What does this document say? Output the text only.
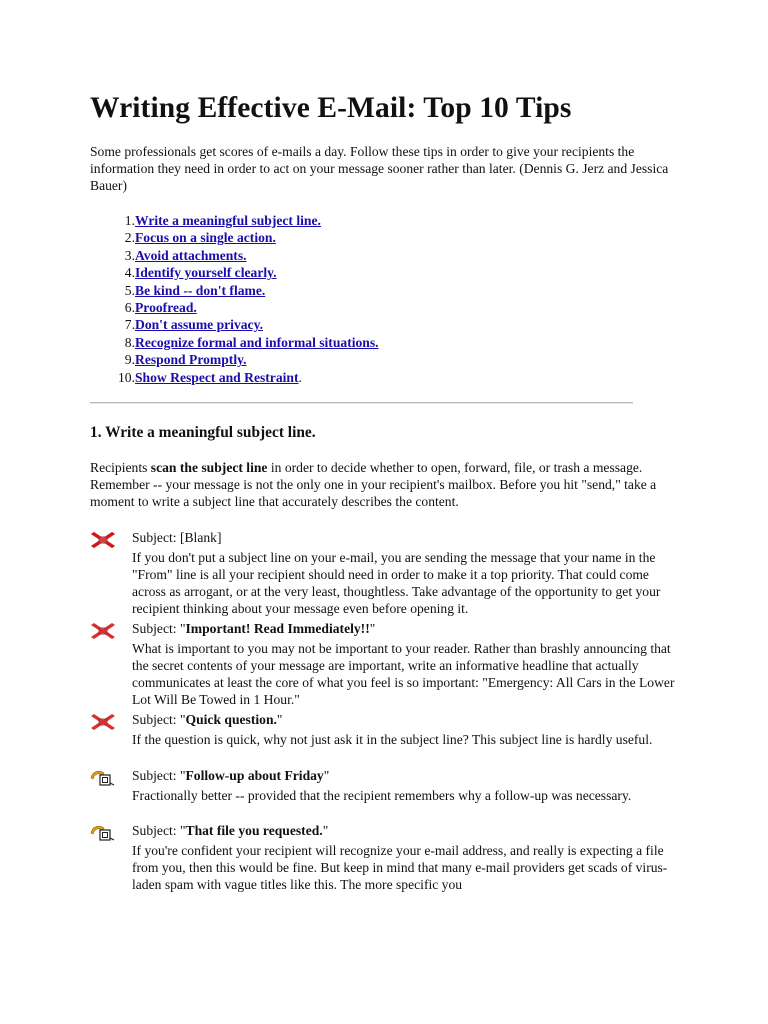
Writing Effective E-Mail: Top 10 Tips

Some professionals get scores of e-mails a day. Follow these tips in order to give your recipients the information they need in order to act on your message sooner rather than later. (Dennis G. Jerz and Jessica Bauer)

1. Write a meaningful subject line.
2. Focus on a single action.
3. Avoid attachments.
4. Identify yourself clearly.
5. Be kind -- don't flame.
6. Proofread.
7. Don't assume privacy.
8. Recognize formal and informal situations.
9. Respond Promptly.
10. Show Respect and Restraint.
1. Write a meaningful subject line.

Recipients scan the subject line in order to decide whether to open, forward, file, or trash a message. Remember -- your message is not the only one in your recipient's mailbox. Before you hit "send," take a moment to write a subject line that accurately describes the content.

Subject: [Blank]

If you don't put a subject line on your e-mail, you are sending the message that your name in the "From" line is all your recipient should need in order to make it a top priority. That could come across as arrogant, or at the very least, thoughtless. Take advantage of the opportunity to get your recipient thinking about your message even before opening it.

Subject: "Important! Read Immediately!!"

What is important to you may not be important to your reader. Rather than brashly announcing that the secret contents of your message are important, write an informative headline that actually communicates at least the core of what you feel is so important: "Emergency: All Cars in the Lower Lot Will Be Towed in 1 Hour."

Subject: "Quick question."

If the question is quick, why not just ask it in the subject line? This subject line is hardly useful.

Subject: "Follow-up about Friday"

Fractionally better -- provided that the recipient remembers why a follow-up was necessary.

Subject: "That file you requested."

If you're confident your recipient will recognize your e-mail address, and really is expecting a file from you, then this would be fine. But keep in mind that many e-mail providers get scads of virus-laden spam with vague titles like this. The more specific you
